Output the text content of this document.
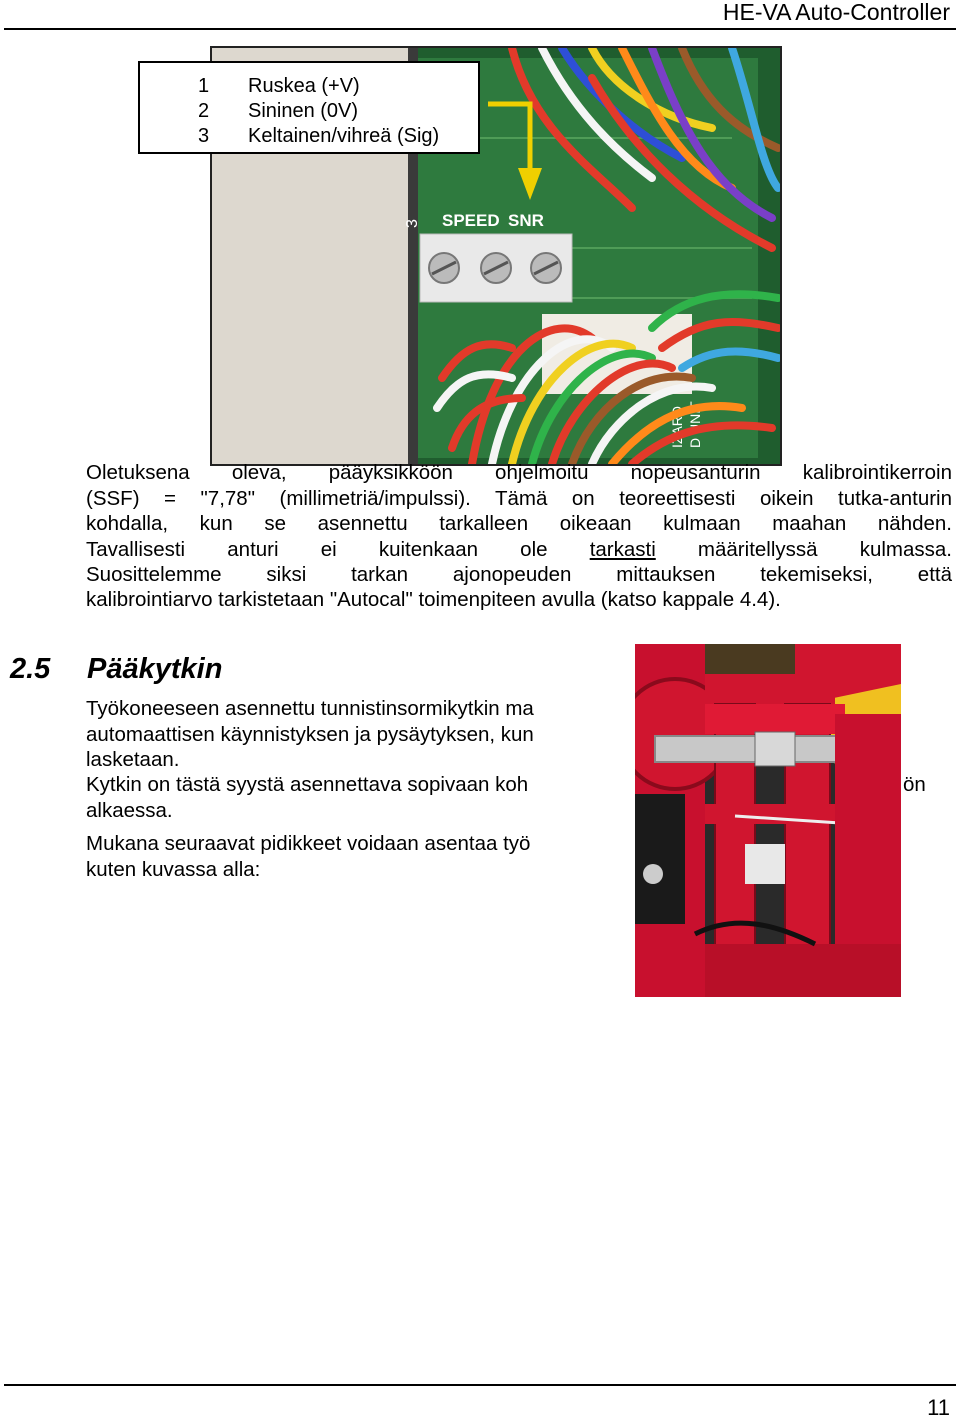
HE-VA Auto-Controller
3 SPEED SNR
IZARD D UNIT
1 Ruskea (+V)
2 Sininen (0V)
3 Keltainen/vihreä (Sig)

Oletuksena oleva, pääyksikköön ohjelmoitu nopeusanturin kalibrointikerroin
(SSF) = "7,78" (millimetriä/impulssi). Tämä on teoreettisesti oikein tutka-anturin
kohdalla, kun se asennettu tarkalleen oikeaan kulmaan maahan nähden.
Tavallisesti anturi ei kuitenkaan ole tarkasti määritellyssä kulmassa.
Suosittelemme siksi tarkan ajonopeuden mittauksen tekemiseksi, että

kalibrointiarvo tarkistetaan "Autocal" toimenpiteen avulla (katso kappale 4.4).

2.5 Pääkytkin

Työkoneeseen asennettu tunnistinsormikytkin ma
automaattisen käynnistyksen ja pysäytyksen, kun
lasketaan.

Kytkin on tästä syystä asennettava sopivaan koh
alkaessa.

ön

Mukana seuraavat pidikkeet voidaan asentaa työ
kuten kuvassa alla:

11
